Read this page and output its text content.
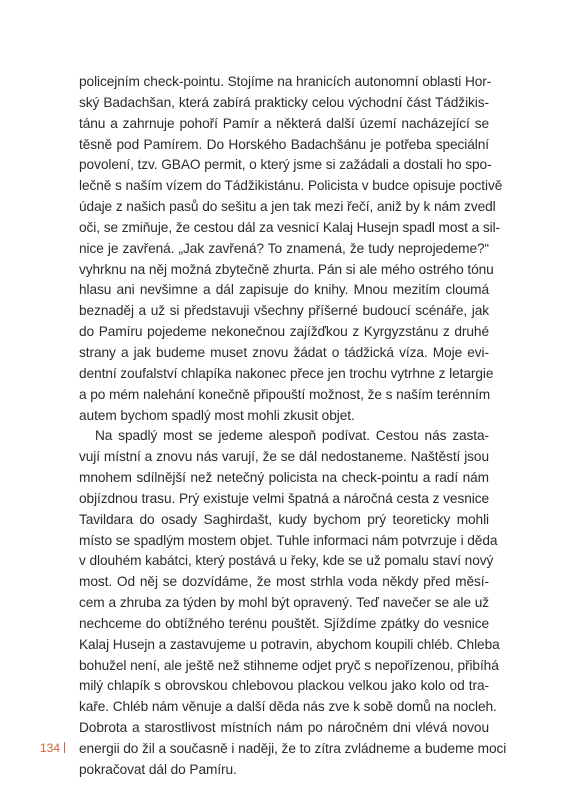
policejním check-pointu. Stojíme na hranicích autonomní oblasti Hor-
ský Badachšan, která zabírá prakticky celou východní část Tádžikis-
tánu a zahrnuje pohoří Pamír a některá další území nacházející se
těsně pod Pamírem. Do Horského Badachšánu je potřeba speciální
povolení, tzv. GBAO permit, o který jsme si zažádali a dostali ho spo-
lečně s naším vízem do Tádžikistánu. Policista v budce opisuje poctivě
údaje z našich pasů do sešitu a jen tak mezi řečí, aniž by k nám zvedl
oči, se zmiňuje, že cestou dál za vesnicí Kalaj Husejn spadl most a sil-
nice je zavřená. „Jak zavřená? To znamená, že tudy neprojedeme?“
vyhrknu na něj možná zbytečně zhurta. Pán si ale mého ostrého tónu
hlasu ani nevšimne a dál zapisuje do knihy. Mnou mezitím cloumá
beznaděj a už si představuji všechny příšerné budoucí scénáře, jak
do Pamíru pojedeme nekonečnou zajížďkou z Kyrgyzstánu z druhé
strany a jak budeme muset znovu žádat o tádžická víza. Moje evi-
dentní zoufalství chlapíka nakonec přece jen trochu vytrhne z letargie
a po mém nalehání konečně připouští možnost, že s naším terénním
autem bychom spadlý most mohli zkusit objet.
Na spadlý most se jedeme alespoň podívat. Cestou nás zasta-
vují místní a znovu nás varují, že se dál nedostaneme. Naštěstí jsou
mnohem sdílnější než netečný policista na check-pointu a radí nám
objízdnou trasu. Prý existuje velmi špatná a náročná cesta z vesnice
Tavildara do osady Saghirdašt, kudy bychom prý teoreticky mohli
místo se spadlým mostem objet. Tuhle informaci nám potvrzuje i děda
v dlouhém kabátci, který postává u řeky, kde se už pomalu staví nový
most. Od něj se dozvídáme, že most strhla voda někdy před měsí-
cem a zhruba za týden by mohl být opravený. Teď navečer se ale už
nechceme do obtížného terénu pouštět. Sjíždíme zpátky do vesnice
Kalaj Husejn a zastavujeme u potravin, abychom koupili chléb. Chleba
bohužel není, ale ještě než stihneme odjet pryč s nepořízenou, přibíhá
milý chlapík s obrovskou chlebovou plackou velkou jako kolo od tra-
kaře. Chléb nám věnuje a další děda nás zve k sobě domů na nocleh.
Dobrota a starostlivost místních nám po náročném dni vlévá novou
energii do žil a současně i naději, že to zítra zvládneme a budeme moci
pokračovat dál do Pamíru.
134
